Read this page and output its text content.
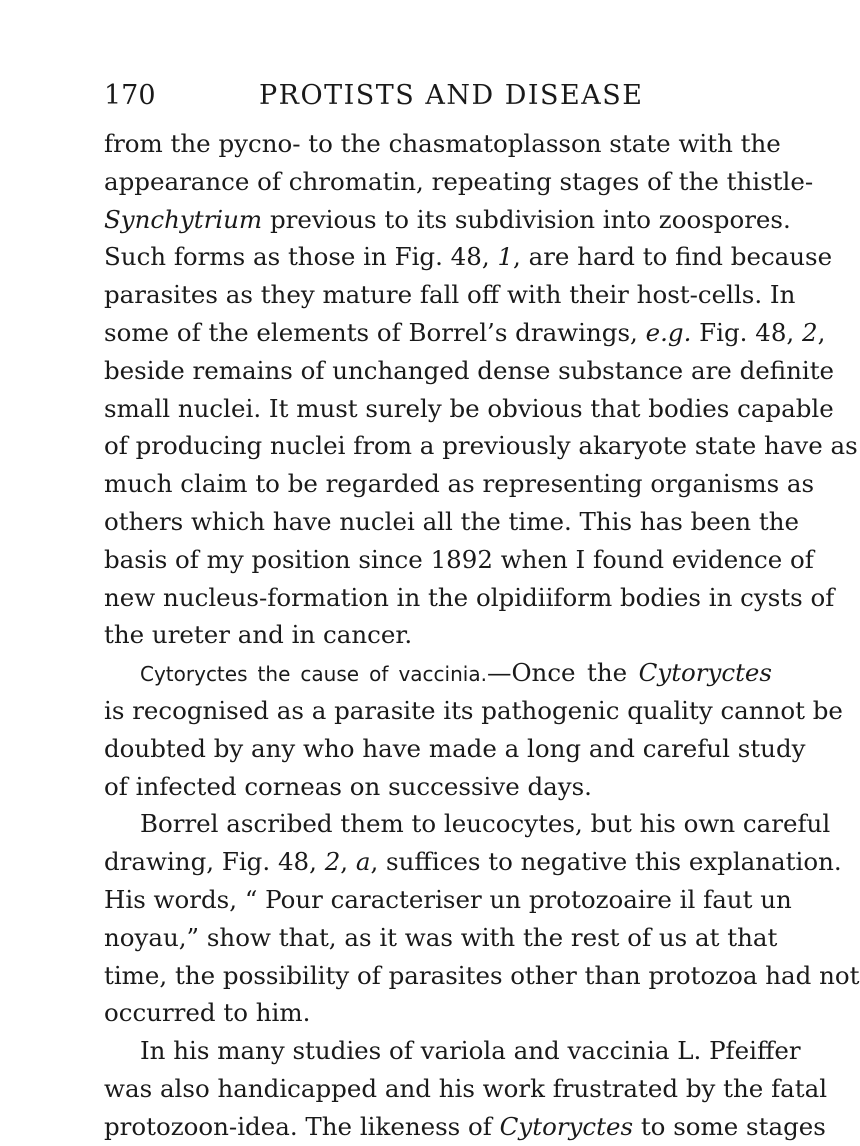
170	PROTISTS AND DISEASE
from the pycno- to the chasmatoplasson state with the
appearance of chromatin, repeating stages of the thistle-
Synchytrium previous to its subdivision into zoospores.
Such forms as those in Fig. 48, 1, are hard to find because
parasites as they mature fall off with their host-cells. In
some of the elements of Borrel’s drawings, e.g. Fig. 48, 2,
beside remains of unchanged dense substance are definite
small nuclei. It must surely be obvious that bodies capable
of producing nuclei from a previously akaryote state have as
much claim to be regarded as representing organisms as
others which have nuclei all the time. This has been the
basis of my position since 1892 when I found evidence of
new nucleus-formation in the olpidiiform bodies in cysts of
the ureter and in cancer.
Cytoryctes the cause of vaccinia.—Once the Cytoryctes
is recognised as a parasite its pathogenic quality cannot be
doubted by any who have made a long and careful study
of infected corneas on successive days.
Borrel ascribed them to leucocytes, but his own careful
drawing, Fig. 48, 2, a, suffices to negative this explanation.
His words, “ Pour caracteriser un protozoaire il faut un
noyau,” show that, as it was with the rest of us at that
time, the possibility of parasites other than protozoa had not
occurred to him.
In his many studies of variola and vaccinia L. Pfeiffer
was also handicapped and his work frustrated by the fatal
protozoon-idea. The likeness of Cytoryctes to some stages
